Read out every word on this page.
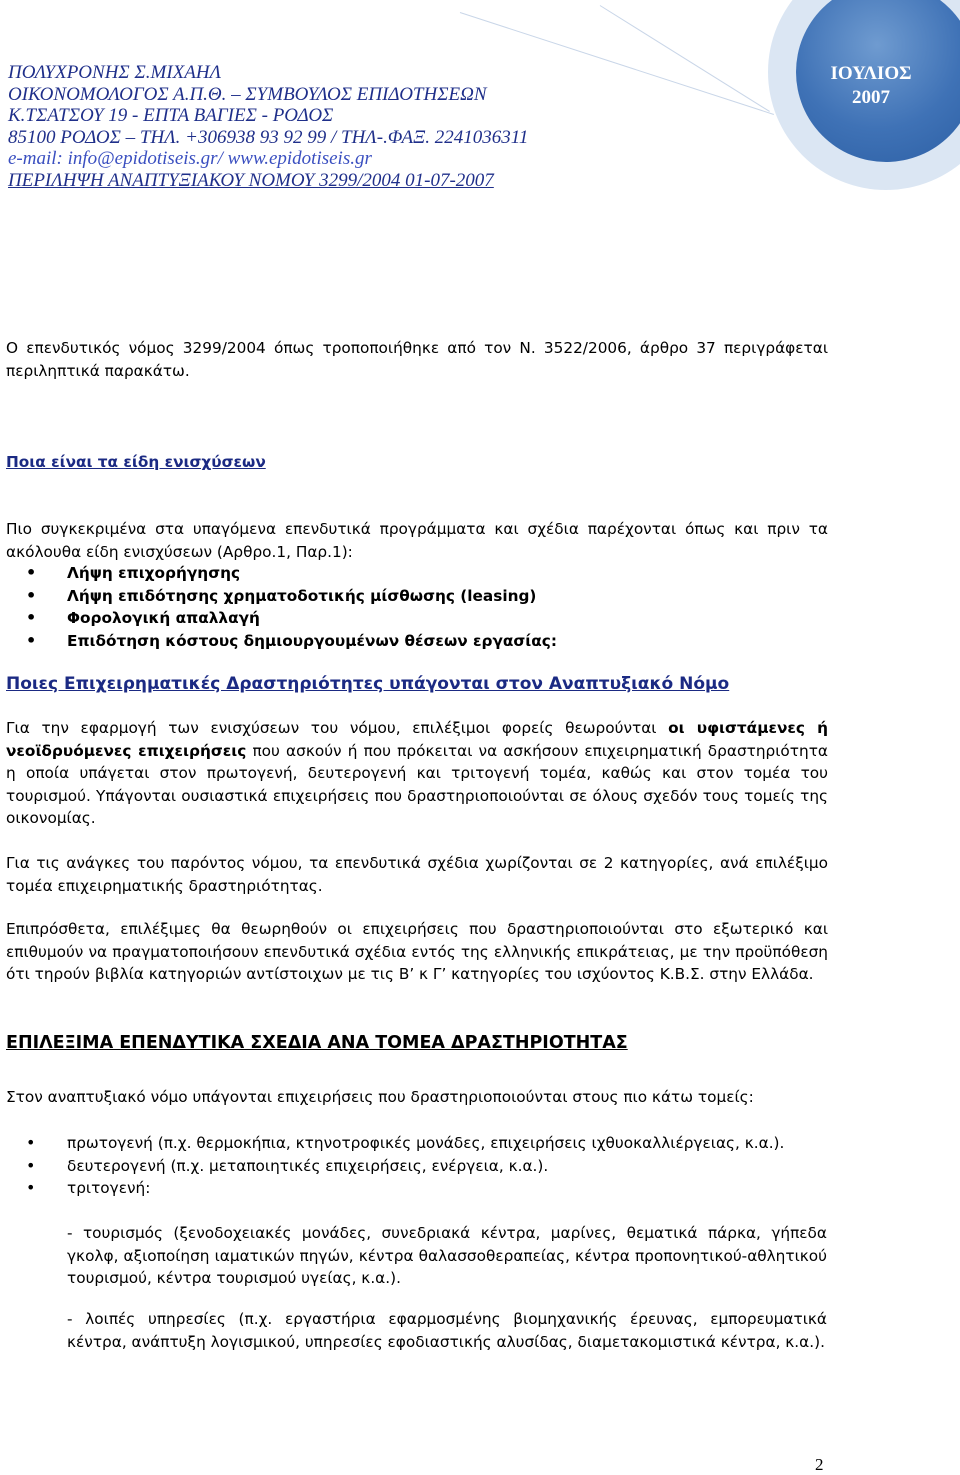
ΙΟΥΛΙΟΣ
2007
ΠΟΛΥΧΡΟΝΗΣ Σ.ΜΙΧΑΗΛ
ΟΙΚΟΝΟΜΟΛΟΓΟΣ Α.Π.Θ. – ΣΥΜΒΟΥΛΟΣ ΕΠΙΔΟΤΗΣΕΩΝ
Κ.ΤΣΑΤΣΟΥ 19 - ΕΠΤΑ ΒΑΓΙΕΣ - ΡΟΔΟΣ
85100 ΡΟΔΟΣ – ΤΗΛ. +306938 93 92 99 / ΤΗΛ-.ΦΑΞ. 2241036311
e-mail: info@epidotiseis.gr/ www.epidotiseis.gr
ΠΕΡΙΛΗΨΗ ΑΝΑΠΤΥΞΙΑΚΟΥ ΝΟΜΟΥ 3299/2004 01-07-2007
Ο επενδυτικός νόμος 3299/2004 όπως τροποποιήθηκε από τον Ν. 3522/2006, άρθρο 37 περιγράφεται περιληπτικά παρακάτω.
Ποια είναι τα είδη ενισχύσεων
Πιο συγκεκριμένα στα υπαγόμενα επενδυτικά προγράμματα και σχέδια παρέχονται όπως και πριν τα ακόλουθα είδη ενισχύσεων (Αρθρο.1, Παρ.1):
• Λήψη επιχορήγησης
• Λήψη επιδότησης χρηματοδοτικής μίσθωσης (leasing)
• Φορολογική απαλλαγή
• Επιδότηση κόστους δημιουργουμένων θέσεων εργασίας:
Ποιες Επιχειρηματικές Δραστηριότητες υπάγονται στον Αναπτυξιακό Νόμο
Για την εφαρμογή των ενισχύσεων του νόμου, επιλέξιμοι φορείς θεωρούνται οι υφιστάμενες ή νεοϊδρυόμενες επιχειρήσεις που ασκούν ή που πρόκειται να ασκήσουν επιχειρηματική δραστηριότητα η οποία υπάγεται στον πρωτογενή, δευτερογενή και τριτογενή τομέα, καθώς και στον τομέα του τουρισμού. Υπάγονται ουσιαστικά επιχειρήσεις που δραστηριοποιούνται σε όλους σχεδόν τους τομείς της οικονομίας.
Για τις ανάγκες του παρόντος νόμου, τα επενδυτικά σχέδια χωρίζονται σε 2 κατηγορίες, ανά επιλέξιμο τομέα επιχειρηματικής δραστηριότητας.
Επιπρόσθετα, επιλέξιμες θα θεωρηθούν οι επιχειρήσεις που δραστηριοποιούνται στο εξωτερικό και επιθυμούν να πραγματοποιήσουν επενδυτικά σχέδια εντός της ελληνικής επικράτειας, με την προϋπόθεση ότι τηρούν βιβλία κατηγοριών αντίστοιχων με τις Β’ κ Γ’ κατηγορίες του ισχύοντος Κ.Β.Σ. στην Ελλάδα.
ΕΠΙΛΕΞΙΜΑ ΕΠΕΝΔΥΤΙΚΑ ΣΧΕΔΙΑ ΑΝΑ ΤΟΜΕΑ ΔΡΑΣΤΗΡΙΟΤΗΤΑΣ
Στον αναπτυξιακό νόμο υπάγονται επιχειρήσεις που δραστηριοποιούνται στους πιο κάτω τομείς:
• πρωτογενή (π.χ. θερμοκήπια, κτηνοτροφικές μονάδες, επιχειρήσεις ιχθυοκαλλιέργειας, κ.α.).
• δευτερογενή (π.χ. μεταποιητικές επιχειρήσεις, ενέργεια, κ.α.).
• τριτογενή:
- τουρισμός (ξενοδοχειακές μονάδες, συνεδριακά κέντρα, μαρίνες, θεματικά πάρκα, γήπεδα γκολφ, αξιοποίηση ιαματικών πηγών, κέντρα θαλασσοθεραπείας, κέντρα προπονητικού-αθλητικού τουρισμού, κέντρα τουρισμού υγείας, κ.α.).
- λοιπές υπηρεσίες (π.χ. εργαστήρια εφαρμοσμένης βιομηχανικής έρευνας, εμπορευματικά κέντρα, ανάπτυξη λογισμικού, υπηρεσίες εφοδιαστικής αλυσίδας, διαμετακομιστικά κέντρα, κ.α.).
2
